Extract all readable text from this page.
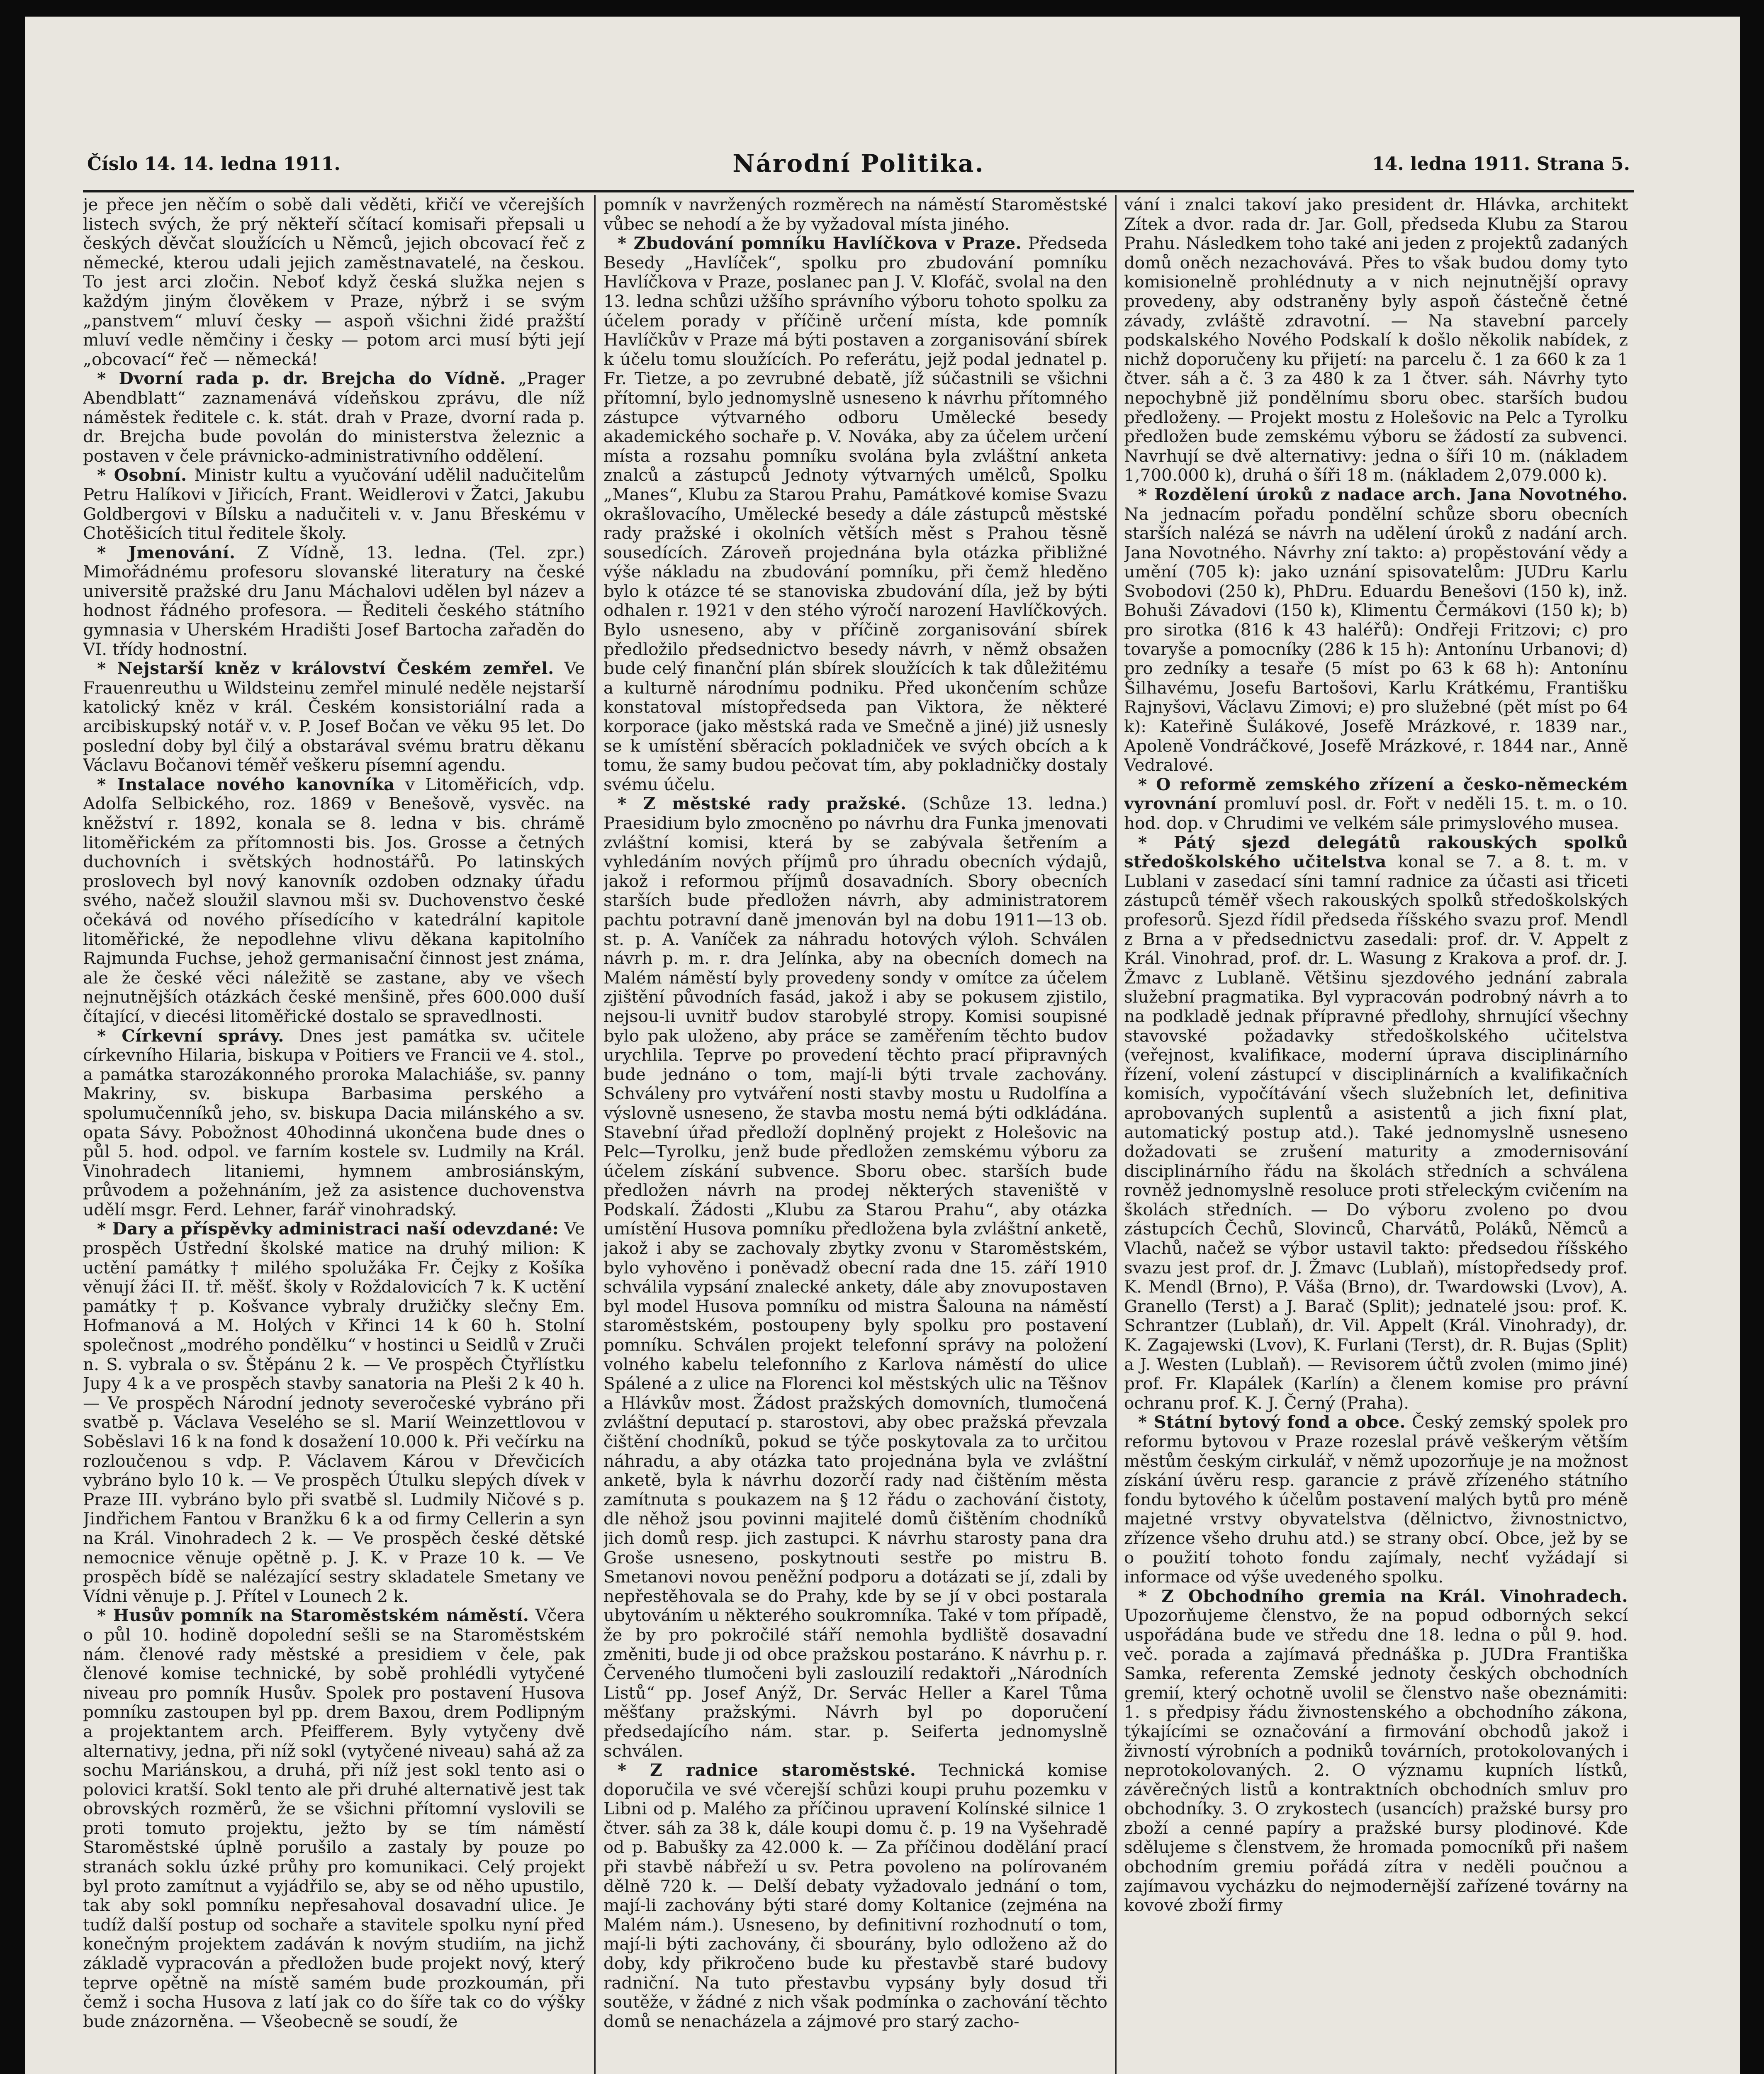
Číslo 14. 14. ledna 1911.	Národní Politika.	14. ledna 1911. Strana 5.

je přece jen něčím o sobě dali věděti, křičí ve včerejších listech svých, že prý někteří sčítací komisaři přepsali u českých děvčat sloužících u Němců, jejich obcovací řeč z německé, kterou udali jejich zaměstnavatelé, na českou. To jest arci zločin. Neboť když česká služka nejen s každým jiným člověkem v Praze, nýbrž i se svým „panstvem“ mluví česky — aspoň všichni židé pražští mluví vedle němčiny i česky — potom arci musí býti její „obcovací“ řeč — německá!

* Dvorní rada p. dr. Brejcha do Vídně. „Prager Abendblatt“ zaznamenává vídeňskou zprávu, dle níž náměstek ředitele c. k. stát. drah v Praze, dvorní rada p. dr. Brejcha bude povolán do ministerstva železnic a postaven v čele právnicko-administrativního oddělení.

* Osobní. Ministr kultu a vyučování udělil nadučitelům Petru Halíkovi v Jiřicích, Frant. Weidlerovi v Žatci, Jakubu Goldbergovi v Bílsku a nadučiteli v. v. Janu Břeskému v Chotěšicích titul ředitele školy.

* Jmenování. Z Vídně, 13. ledna. (Tel. zpr.) Mimořádnému profesoru slovanské literatury na české universitě pražské dru Janu Máchalovi udělen byl název a hodnost řádného profesora. — Řediteli českého státního gymnasia v Uherském Hradišti Josef Bartocha zařaděn do VI. třídy hodnostní.

* Nejstarší kněz v království Českém zemřel. Ve Frauenreuthu u Wildsteinu zemřel minulé neděle nejstarší katolický kněz v král. Českém konsistoriální rada a arcibiskupský notář v. v. P. Josef Bočan ve věku 95 let. Do poslední doby byl čilý a obstarával svému bratru děkanu Václavu Bočanovi téměř veškeru písemní agendu.

* Instalace nového kanovníka v Litoměřicích, vdp. Adolfa Selbického, roz. 1869 v Benešově, vysvěc. na kněžství r. 1892, konala se 8. ledna v bis. chrámě litoměřickém za přítomnosti bis. Jos. Grosse a četných duchovních i světských hodnostářů. Po latinských proslovech byl nový kanovník ozdoben odznaky úřadu svého, načež sloužil slavnou mši sv. Duchovenstvo české očekává od nového přísedícího v katedrální kapitole litoměřické, že nepodlehne vlivu děkana kapitolního Rajmunda Fuchse, jehož germanisační činnost jest známa, ale že české věci náležitě se zastane, aby ve všech nejnutnějších otázkách české menšině, přes 600.000 duší čítající, v diecési litoměřické dostalo se spravedlnosti.

* Církevní správy. Dnes jest památka sv. učitele církevního Hilaria, biskupa v Poitiers ve Francii ve 4. stol., a památka starozákonného proroka Malachiáše, sv. panny Makriny, sv. biskupa Barbasima perského a spolumučenníků jeho, sv. biskupa Dacia milánského a sv. opata Sávy. Pobožnost 40hodinná ukončena bude dnes o půl 5. hod. odpol. ve farním kostele sv. Ludmily na Král. Vinohradech litaniemi, hymnem ambrosiánským, průvodem a požehnáním, jež za asistence duchovenstva udělí msgr. Ferd. Lehner, farář vinohradský.

* Dary a příspěvky administraci naší odevzdané: Ve prospěch Ústřední školské matice na druhý milion: K uctění památky † milého spolužáka Fr. Čejky z Košíka věnují žáci II. tř. měšť. školy v Roždalovicích 7 k. K uctění památky † p. Košvance vybraly družičky slečny Em. Hofmanová a M. Holých v Křinci 14 k 60 h. Stolní společnost „modrého pondělku“ v hostinci u Seidlů v Zruči n. S. vybrala o sv. Štěpánu 2 k. — Ve prospěch Čtyřlístku Jupy 4 k a ve prospěch stavby sanatoria na Pleši 2 k 40 h. — Ve prospěch Národní jednoty severočeské vybráno při svatbě p. Václava Veselého se sl. Marií Weinzettlovou v Soběslavi 16 k na fond k dosažení 10.000 k. Při večírku na rozloučenou s vdp. P. Václavem Károu v Dřevčicích vybráno bylo 10 k. — Ve prospěch Útulku slepých dívek v Praze III. vybráno bylo při svatbě sl. Ludmily Ničové s p. Jindřichem Fantou v Branžku 6 k a od firmy Cellerin a syn na Král. Vinohradech 2 k. — Ve prospěch české dětské nemocnice věnuje opětně p. J. K. v Praze 10 k. — Ve prospěch bídě se nalézající sestry skladatele Smetany ve Vídni věnuje p. J. Přítel v Lounech 2 k.

* Husův pomník na Staroměstském náměstí. Včera o půl 10. hodině dopolední sešli se na Staroměstském nám. členové rady městské a presidiem v čele, pak členové komise technické, by sobě prohlédli vytyčené niveau pro pomník Husův. Spolek pro postavení Husova pomníku zastoupen byl pp. drem Baxou, drem Podlipným a projektantem arch. Pfeifferem. Byly vytyčeny dvě alternativy, jedna, při níž sokl (vytyčené niveau) sahá až za sochu Mariánskou, a druhá, při níž jest sokl tento asi o polovici kratší. Sokl tento ale při druhé alternativě jest tak obrovských rozměrů, že se všichni přítomní vyslovili se proti tomuto projektu, ježto by se tím náměstí Staroměstské úplně porušilo a zastaly by pouze po stranách soklu úzké průhy pro komunikaci. Celý projekt byl proto zamítnut a vyjádřilo se, aby se od něho upustilo, tak aby sokl pomníku nepřesahoval dosavadní ulice. Je tudíž další postup od sochaře a stavitele spolku nyní před konečným projektem zadáván k novým studiím, na jichž základě vypracován a předložen bude projekt nový, který teprve opětně na místě samém bude prozkoumán, při čemž i socha Husova z latí jak co do šíře tak co do výšky bude znázorněna. — Všeobecně se soudí, že

pomník v navržených rozměrech na náměstí Staroměstské vůbec se nehodí a že by vyžadoval místa jiného.

* Zbudování pomníku Havlíčkova v Praze. Předseda Besedy „Havlíček“, spolku pro zbudování pomníku Havlíčkova v Praze, poslanec pan J. V. Klofáč, svolal na den 13. ledna schůzi užšího správního výboru tohoto spolku za účelem porady v příčině určení místa, kde pomník Havlíčkův v Praze má býti postaven a zorganisování sbírek k účelu tomu sloužících. Po referátu, jejž podal jednatel p. Fr. Tietze, a po zevrubné debatě, jíž súčastnili se všichni přítomní, bylo jednomyslně usneseno k návrhu přítomného zástupce výtvarného odboru Umělecké besedy akademického sochaře p. V. Nováka, aby za účelem určení místa a rozsahu pomníku svolána byla zvláštní anketa znalců a zástupců Jednoty výtvarných umělců, Spolku „Manes“, Klubu za Starou Prahu, Památkové komise Svazu okrašlovacího, Umělecké besedy a dále zástupců městské rady pražské i okolních větších měst s Prahou těsně sousedících. Zároveň projednána byla otázka přibližné výše nákladu na zbudování pomníku, při čemž hleděno bylo k otázce té se stanoviska zbudování díla, jež by býti odhalen r. 1921 v den stého výročí narození Havlíčkových. Bylo usneseno, aby v příčině zorganisování sbírek předložilo předsednictvo besedy návrh, v němž obsažen bude celý finanční plán sbírek sloužících k tak důležitému a kulturně národnímu podniku. Před ukončením schůze konstatoval místopředseda pan Viktora, že některé korporace (jako městská rada ve Smečně a jiné) již usnesly se k umístění sběracích pokladniček ve svých obcích a k tomu, že samy budou pečovat tím, aby pokladničky dostaly svému účelu.

* Z městské rady pražské. (Schůze 13. ledna.) Praesidium bylo zmocněno po návrhu dra Funka jmenovati zvláštní komisi, která by se zabývala šetřením a vyhledáním nových příjmů pro úhradu obecních výdajů, jakož i reformou příjmů dosavadních. Sbory obecních starších bude předložen návrh, aby administratorem pachtu potravní daně jmenován byl na dobu 1911—13 ob. st. p. A. Vaníček za náhradu hotových výloh. Schválen návrh p. m. r. dra Jelínka, aby na obecních domech na Malém náměstí byly provedeny sondy v omítce za účelem zjištění původních fasád, jakož i aby se pokusem zjistilo, nejsou-li uvnitř budov starobylé stropy. Komisi soupisné bylo pak uloženo, aby práce se zaměřením těchto budov urychlila. Teprve po provedení těchto prací připravných bude jednáno o tom, mají-li býti trvale zachovány. Schváleny pro vytváření nosti stavby mostu u Rudolfína a výslovně usneseno, že stavba mostu nemá býti odkládána. Stavební úřad předloží doplněný projekt z Holešovic na Pelc—Tyrolku, jenž bude předložen zemskému výboru za účelem získání subvence. Sboru obec. starších bude předložen návrh na prodej některých staveniště v Podskalí. Žádosti „Klubu za Starou Prahu“, aby otázka umístění Husova pomníku předložena byla zvláštní anketě, jakož i aby se zachovaly zbytky zvonu v Staroměstském, bylo vyhověno i poněvadž obecní rada dne 15. září 1910 schválila vypsání znalecké ankety, dále aby znovupostaven byl model Husova pomníku od mistra Šalouna na náměstí staroměstském, postoupeny byly spolku pro postavení pomníku. Schválen projekt telefonní správy na položení volného kabelu telefonního z Karlova náměstí do ulice Spálené a z ulice na Florenci kol městských ulic na Těšnov a Hlávkův most. Žádost pražských domovních, tlumočená zvláštní deputací p. starostovi, aby obec pražská převzala čištění chodníků, pokud se týče poskytovala za to určitou náhradu, a aby otázka tato projednána byla ve zvláštní anketě, byla k návrhu dozorčí rady nad čištěním města zamítnuta s poukazem na § 12 řádu o zachování čistoty, dle něhož jsou povinni majitelé domů čištěním chodníků jich domů resp. jich zastupci. K návrhu starosty pana dra Groše usneseno, poskytnouti sestře po mistru B. Smetanovi novou peněžní podporu a dotázati se jí, zdali by nepřestěhovala se do Prahy, kde by se jí v obci postarala ubytováním u některého soukromníka. Také v tom případě, že by pro pokročilé stáří nemohla bydliště dosavadní změniti, bude ji od obce pražskou postaráno. K návrhu p. r. Červeného tlumočeni byli zaslouzilí redaktoři „Národních Listů“ pp. Josef Anýž, Dr. Servác Heller a Karel Tůma měšťany pražskými. Návrh byl po doporučení předsedajícího nám. star. p. Seiferta jednomyslně schválen.

* Z radnice staroměstské. Technická komise doporučila ve své včerejší schůzi koupi pruhu pozemku v Libni od p. Malého za příčinou upravení Kolínské silnice 1 čtver. sáh za 38 k, dále koupi domu č. p. 19 na Vyšehradě od p. Babušky za 42.000 k. — Za příčinou dodělání prací při stavbě nábřeží u sv. Petra povoleno na polírovaném dělně 720 k. — Delší debaty vyžadovalo jednání o tom, mají-li zachovány býti staré domy Koltanice (zejména na Malém nám.). Usneseno, by definitivní rozhodnutí o tom, mají-li býti zachovány, či sbourány, bylo odloženo až do doby, kdy přikročeno bude ku přestavbě staré budovy radniční. Na tuto přestavbu vypsány byly dosud tři soutěže, v žádné z nich však podmínka o zachování těchto domů se nenacházela a zájmové pro starý zacho-

vání i znalci takoví jako president dr. Hlávka, architekt Zítek a dvor. rada dr. Jar. Goll, předseda Klubu za Starou Prahu. Následkem toho také ani jeden z projektů zadaných domů oněch nezachovává. Přes to však budou domy tyto komisionelně prohlédnuty a v nich nejnutnější opravy provedeny, aby odstraněny byly aspoň částečně četné závady, zvláště zdravotní. — Na stavební parcely podskalského Nového Podskalí k došlo několik nabídek, z nichž doporučeny ku přijetí: na parcelu č. 1 za 660 k za 1 čtver. sáh a č. 3 za 480 k za 1 čtver. sáh. Návrhy tyto nepochybně již pondělnímu sboru obec. starších budou předloženy. — Projekt mostu z Holešovic na Pelc a Tyrolku předložen bude zemskému výboru se žádostí za subvenci. Navrhují se dvě alternativy: jedna o šíři 10 m. (nákladem 1,700.000 k), druhá o šíři 18 m. (nákladem 2,079.000 k).

* Rozdělení úroků z nadace arch. Jana Novotného. Na jednacím pořadu pondělní schůze sboru obecních starších nalézá se návrh na udělení úroků z nadání arch. Jana Novotného. Návrhy zní takto: a) propěstování vědy a umění (705 k): jako uznání spisovatelům: JUDru Karlu Svobodovi (250 k), PhDru. Eduardu Benešovi (150 k), inž. Bohuši Závadovi (150 k), Klimentu Čermákovi (150 k); b) pro sirotka (816 k 43 haléřů): Ondřeji Fritzovi; c) pro tovaryše a pomocníky (286 k 15 h): Antonínu Urbanovi; d) pro zedníky a tesaře (5 míst po 63 k 68 h): Antonínu Šilhavému, Josefu Bartošovi, Karlu Krátkému, Františku Rajnyšovi, Václavu Zimovi; e) pro služebné (pět míst po 64 k): Kateřině Šulákové, Josefě Mrázkové, r. 1839 nar., Apoleně Vondráčkové, Josefě Mrázkové, r. 1844 nar., Anně Vedralové.

* O reformě zemského zřízení a česko-německém vyrovnání promluví posl. dr. Fořt v neděli 15. t. m. o 10. hod. dop. v Chrudimi ve velkém sále primyslového musea.

* Pátý sjezd delegátů rakouských spolků středoškolského učitelstva konal se 7. a 8. t. m. v Lublani v zasedací síni tamní radnice za účasti asi třiceti zástupců téměř všech rakouských spolků středoškolských profesorů. Sjezd řídil předseda říšského svazu prof. Mendl z Brna a v předsednictvu zasedali: prof. dr. V. Appelt z Král. Vinohrad, prof. dr. L. Wasung z Krakova a prof. dr. J. Žmavc z Lublaně. Většinu sjezdového jednání zabrala služební pragmatika. Byl vypracován podrobný návrh a to na podkladě jednak přípravné předlohy, shrnující všechny stavovské požadavky středoškolského učitelstva (veřejnost, kvalifikace, moderní úprava disciplinárního řízení, volení zástupcí v disciplinárních a kvalifikačních komisích, vypočítávání všech služebních let, definitiva aprobovaných suplentů a asistentů a jich fixní plat, automatický postup atd.). Také jednomyslně usneseno dožadovati se zrušení maturity a zmodernisování disciplinárního řádu na školách středních a schválena rovněž jednomyslně resoluce proti střeleckým cvičením na školách středních. — Do výboru zvoleno po dvou zástupcích Čechů, Slovinců, Charvátů, Poláků, Němců a Vlachů, načež se výbor ustavil takto: předsedou říšského svazu jest prof. dr. J. Žmavc (Lublaň), místopředsedy prof. K. Mendl (Brno), P. Váša (Brno), dr. Twardowski (Lvov), A. Granello (Terst) a J. Barač (Split); jednatelé jsou: prof. K. Schrantzer (Lublaň), dr. Vil. Appelt (Král. Vinohrady), dr. K. Zagajewski (Lvov), K. Furlani (Terst), dr. R. Bujas (Split) a J. Westen (Lublaň). — Revisorem účtů zvolen (mimo jiné) prof. Fr. Klapálek (Karlín) a členem komise pro právní ochranu prof. K. J. Černý (Praha).

* Státní bytový fond a obce. Český zemský spolek pro reformu bytovou v Praze rozeslal právě veškerým větším městům českým cirkulář, v němž upozorňuje je na možnost získání úvěru resp. garancie z právě zřízeného státního fondu bytového k účelům postavení malých bytů pro méně majetné vrstvy obyvatelstva (dělnictvo, živnostnictvo, zřízence všeho druhu atd.) se strany obcí. Obce, jež by se o použití tohoto fondu zajímaly, nechť vyžádají si informace od výše uvedeného spolku.

* Z Obchodního gremia na Král. Vinohradech. Upozorňujeme členstvo, že na popud odborných sekcí uspořádána bude ve středu dne 18. ledna o půl 9. hod. več. porada a zajímavá přednáška p. JUDra Františka Samka, referenta Zemské jednoty českých obchodních gremií, který ochotně uvolil se členstvo naše obeznámiti: 1. s předpisy řádu živnostenského a obchodního zákona, týkajícími se označování a firmování obchodů jakož i živností výrobních a podniků továrních, protokolovaných i neprotokolovaných. 2. O významu kupních lístků, závěrečných listů a kontraktních obchodních smluv pro obchodníky. 3. O zrykostech (usancích) pražské bursy pro zboží a cenné papíry a pražské bursy plodinové. Kde sdělujeme s členstvem, že hromada pomocníků při našem obchodním gremiu pořádá zítra v neděli poučnou a zajímavou vycházku do nejmodernější zařízené továrny na kovové zboží firmy
